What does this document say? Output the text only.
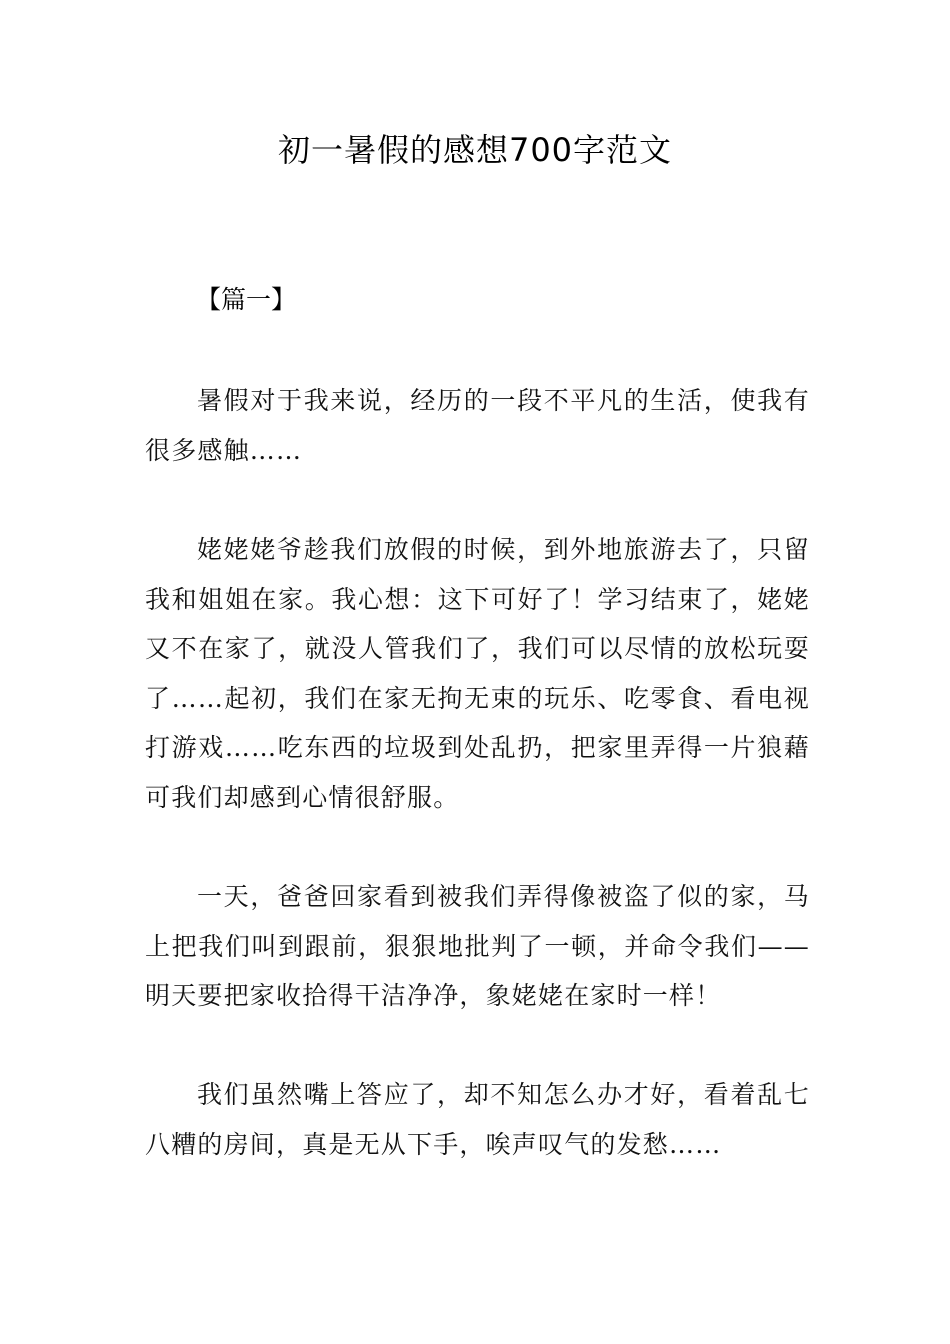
初一暑假的感想700字范文
【篇一】

暑假对于我来说，经历的一段不平凡的生活，使我有很多感触……

姥姥姥爷趁我们放假的时候，到外地旅游去了，只留我和姐姐在家。我心想：这下可好了！学习结束了，姥姥又不在家了，就没人管我们了，我们可以尽情的放松玩耍了……起初，我们在家无拘无束的玩乐、吃零食、看电视打游戏……吃东西的垃圾到处乱扔，把家里弄得一片狼藉可我们却感到心情很舒服。

一天，爸爸回家看到被我们弄得像被盗了似的家，马上把我们叫到跟前，狠狠地批判了一顿，并命令我们——明天要把家收拾得干洁净净，象姥姥在家时一样！

我们虽然嘴上答应了，却不知怎么办才好，看着乱七八糟的房间，真是无从下手，唉声叹气的发愁……
